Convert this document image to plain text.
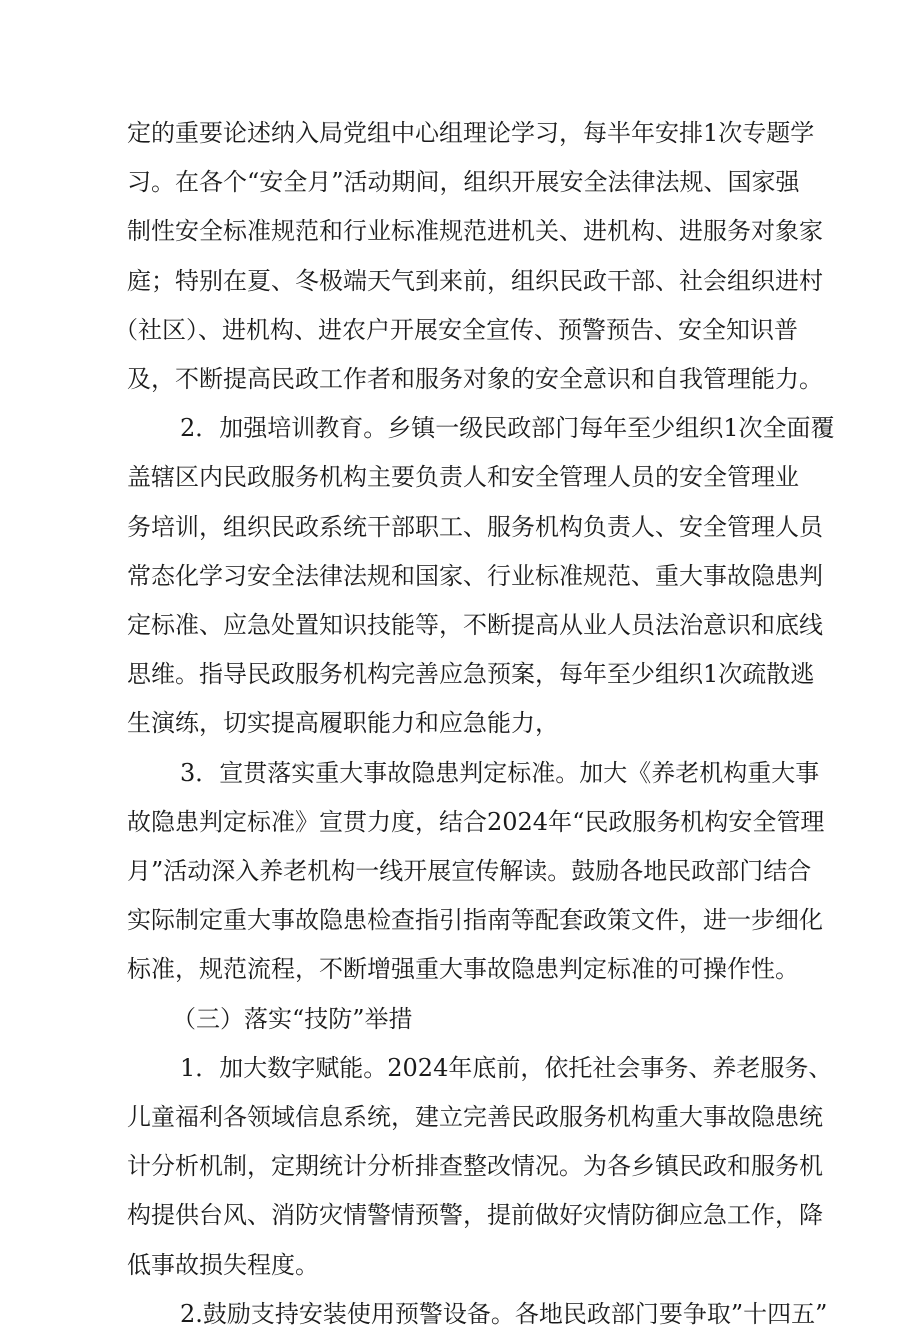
定的重要论述纳入局党组中心组理论学习，每半年安排1次专题学
习。在各个“安全月”活动期间，组织开展安全法律法规、国家强
制性安全标准规范和行业标准规范进机关、进机构、进服务对象家
庭；特别在夏、冬极端天气到来前，组织民政干部、社会组织进村
（社区）、进机构、进农户开展安全宣传、预警预告、安全知识普
及，不断提高民政工作者和服务对象的安全意识和自我管理能力。
2．加强培训教育。乡镇一级民政部门每年至少组织1次全面覆
盖辖区内民政服务机构主要负责人和安全管理人员的安全管理业
务培训，组织民政系统干部职工、服务机构负责人、安全管理人员
常态化学习安全法律法规和国家、行业标准规范、重大事故隐患判
定标准、应急处置知识技能等，不断提高从业人员法治意识和底线
思维。指导民政服务机构完善应急预案，每年至少组织1次疏散逃
生演练，切实提高履职能力和应急能力，
3．宣贯落实重大事故隐患判定标准。加大《养老机构重大事
故隐患判定标准》宣贯力度，结合2024年“民政服务机构安全管理
月”活动深入养老机构一线开展宣传解读。鼓励各地民政部门结合
实际制定重大事故隐患检查指引指南等配套政策文件，进一步细化
标准，规范流程，不断增强重大事故隐患判定标准的可操作性。
（三）落实“技防”举措
1．加大数字赋能。2024年底前，依托社会事务、养老服务、
儿童福利各领域信息系统，建立完善民政服务机构重大事故隐患统
计分析机制，定期统计分析排查整改情况。为各乡镇民政和服务机
构提供台风、消防灾情警情预警，提前做好灾情防御应急工作，降
低事故损失程度。
2.鼓励支持安装使用预警设备。各地民政部门要争取”十四五”
